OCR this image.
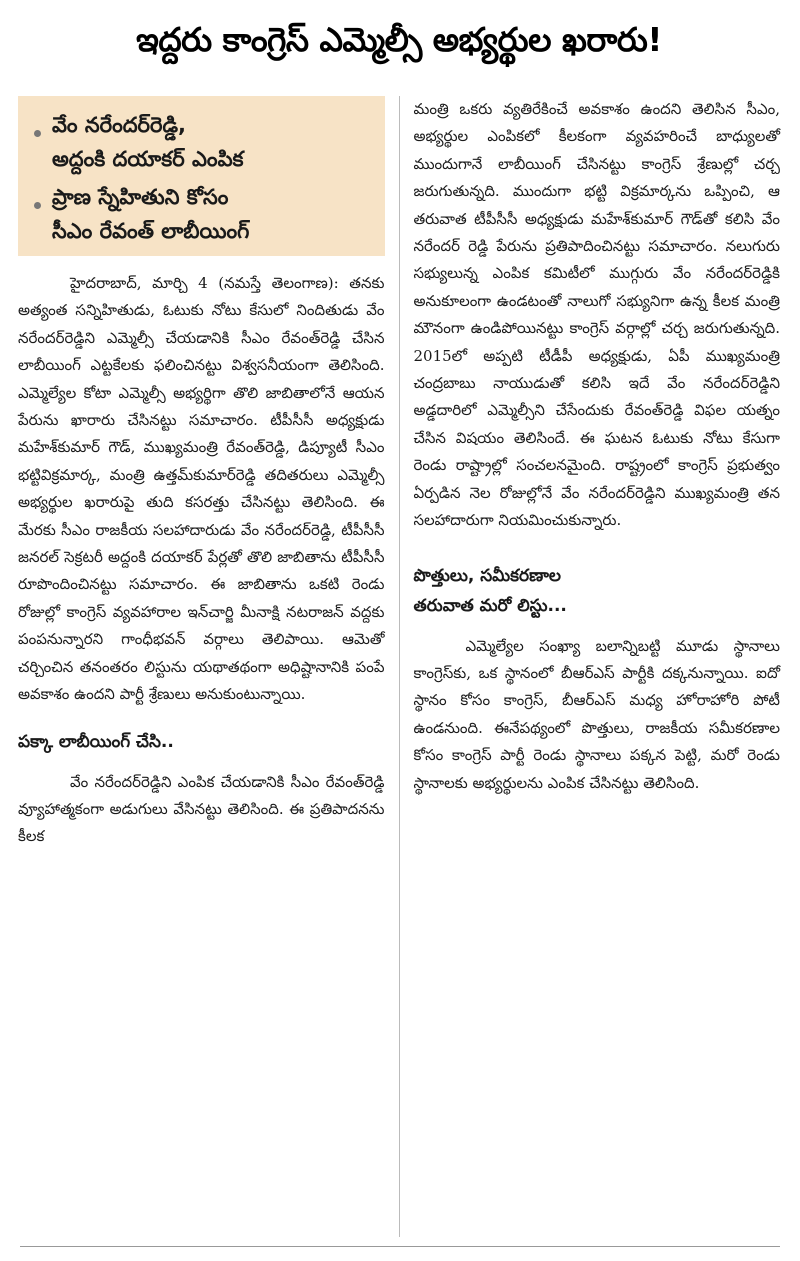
ఇద్దరు కాంగ్రెస్ ఎమ్మెల్సీ అభ్యర్థుల ఖరారు!
వేం నరేందర్‌రెడ్డి,
అద్దంకి దయాకర్ ఎంపిక
ప్రాణ స్నేహితుని కోసం
సీఎం రేవంత్ లాబీయింగ్

హైదరాబాద్, మార్చి 4 (నమస్తే తెలంగాణ): తనకు అత్యంత సన్నిహితుడు, ఓటుకు నోటు కేసులో నిందితుడు వేం నరేందర్‌రెడ్డిని ఎమ్మెల్సీ చేయడానికి సీఎం రేవంత్‌రెడ్డి చేసిన లాబీయింగ్ ఎట్టకేలకు ఫలించినట్టు విశ్వసనీయంగా తెలిసింది. ఎమ్మెల్యేల కోటా ఎమ్మెల్సీ అభ్యర్థిగా తొలి జాబితాలోనే ఆయన పేరును ఖారారు చేసినట్టు సమాచారం. టీపీసీసీ అధ్యక్షుడు మహేశ్‌కుమార్ గౌడ్, ముఖ్యమంత్రి రేవంత్‌రెడ్డి, డిప్యూటీ సీఎం భట్టివిక్రమార్క, మంత్రి ఉత్తమ్‌కుమార్‌రెడ్డి తదితరులు ఎమ్మెల్సీ అభ్యర్థుల ఖరారుపై తుది కసరత్తు చేసినట్టు తెలిసింది. ఈ మేరకు సీఎం రాజకీయ సలహాదారుడు వేం నరేందర్‌రెడ్డి, టీపీసీసీ జనరల్ సెక్రటరీ అద్దంకి దయాకర్ పేర్లతో తొలి జాబితాను టీపీసీసీ రూపొందించినట్టు సమాచారం. ఈ జాబితాను ఒకటి రెండు రోజుల్లో కాంగ్రెస్ వ్యవహారాల ఇన్‌చార్జి మీనాక్షి నటరాజన్ వద్దకు పంపనున్నారని గాంధీభవన్ వర్గాలు తెలిపాయి. ఆమెతో చర్చించిన తనంతరం లిస్టును యథాతథంగా అధిష్టానానికి పంపే అవకాశం ఉందని పార్టీ శ్రేణులు అనుకుంటున్నాయి.

పక్కా లాబీయింగ్ చేసి..

వేం నరేందర్‌రెడ్డిని ఎంపిక చేయడానికి సీఎం రేవంత్‌రెడ్డి వ్యూహాత్మకంగా అడుగులు వేసినట్టు తెలిసింది. ఈ ప్రతిపాదనను కీలక

మంత్రి ఒకరు వ్యతిరేకించే అవకాశం ఉందని తెలిసిన సీఎం, అభ్యర్థుల ఎంపికలో కీలకంగా వ్యవహరించే బాధ్యులతో ముందుగానే లాబీయింగ్ చేసినట్టు కాంగ్రెస్ శ్రేణుల్లో చర్చ జరుగుతున్నది. ముందుగా భట్టి విక్రమార్కను ఒప్పించి, ఆ తరువాత టీపీసీసీ అధ్యక్షుడు మహేశ్‌కుమార్ గౌడ్‌తో కలిసి వేం నరేందర్ రెడ్డి పేరును ప్రతిపాదించినట్టు సమాచారం. నలుగురు సభ్యులున్న ఎంపిక కమిటీలో ముగ్గురు వేం నరేందర్‌రెడ్డికి అనుకూలంగా ఉండటంతో నాలుగో సభ్యునిగా ఉన్న కీలక మంత్రి మౌనంగా ఉండిపోయినట్టు కాంగ్రెస్ వర్గాల్లో చర్చ జరుగుతున్నది. 2015లో అప్పటి టీడీపీ అధ్యక్షుడు, ఏపీ ముఖ్యమంత్రి చంద్రబాబు నాయుడుతో కలిసి ఇదే వేం నరేందర్‌రెడ్డిని అడ్డదారిలో ఎమ్మెల్సీని చేసేందుకు రేవంత్‌రెడ్డి విఫల యత్నం చేసిన విషయం తెలిసిందే. ఈ ఘటన ఓటుకు నోటు కేసుగా రెండు రాష్ట్రాల్లో సంచలనమైంది. రాష్ట్రంలో కాంగ్రెస్ ప్రభుత్వం ఏర్పడిన నెల రోజుల్లోనే వేం నరేందర్‌రెడ్డిని ముఖ్యమంత్రి తన సలహాదారుగా నియమించుకున్నారు.

పొత్తులు, సమీకరణాల
తరువాత మరో లిస్టు...

ఎమ్మెల్యేల సంఖ్యా బలాన్నిబట్టి మూడు స్థానాలు కాంగ్రెస్‌కు, ఒక స్థానంలో బీఆర్ఎస్ పార్టీకి దక్కనున్నాయి. ఐదో స్థానం కోసం కాంగ్రెస్, బీఆర్ఎస్ మధ్య హోరాహోరి పోటీ ఉండనుంది. ఈనేపథ్యంలో పొత్తులు, రాజకీయ సమీకరణాల కోసం కాంగ్రెస్ పార్టీ రెండు స్థానాలు పక్కన పెట్టి, మరో రెండు స్థానాలకు అభ్యర్థులను ఎంపిక చేసినట్టు తెలిసింది.
